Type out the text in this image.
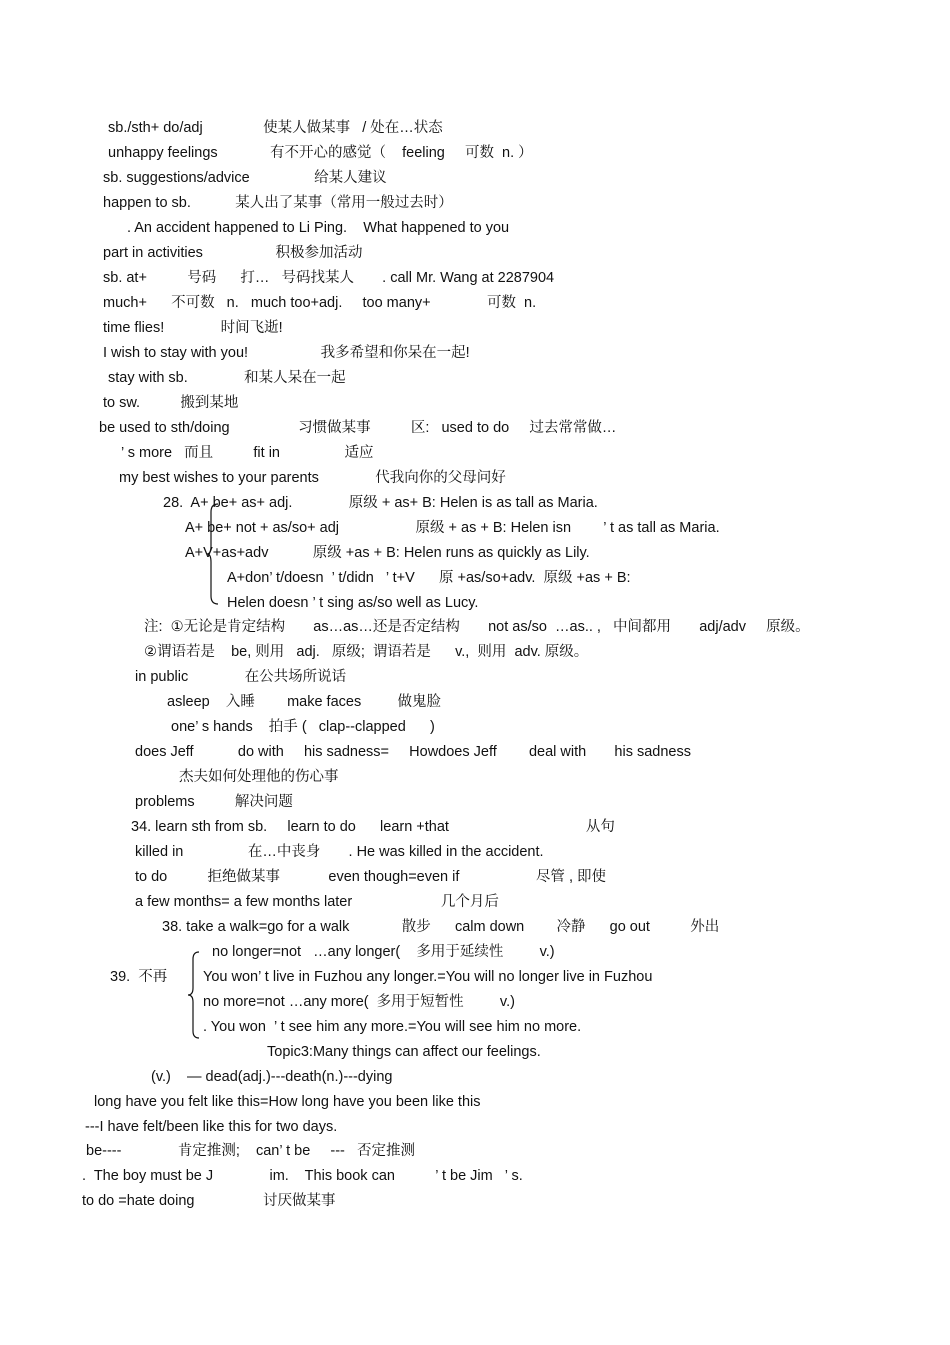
sb./sth+ do/adj               使某人做某事   / 处在…状态
unhappy feelings             有不开心的感觉（    feeling     可数  n. ）
sb. suggestions/advice                给某人建议
happen to sb.           某人出了某事（常用一般过去时）
. An accident happened to Li Ping.    What happened to you
part in activities                  积极参加活动
sb. at+          号码      打…   号码找某人       . call Mr. Wang at 2287904
much+      不可数   n.   much too+adj.     too many+              可数  n.
time flies!              时间飞逝!
I wish to stay with you!                  我多希望和你呆在一起!
stay with sb.              和某人呆在一起
to sw.          搬到某地
be used to sth/doing                 习惯做某事          区:   used to do     过去常常做…
’ s more   而且          fit in                适应
my best wishes to your parents              代我向你的父母问好
28.  A+ be+ as+ adj.              原级 + as+ B: Helen is as tall as Maria.
A+ be+ not + as/so+ adj                   原级 + as + B: Helen isn        ’ t as tall as Maria.
A+V+as+adv           原级 +as + B: Helen runs as quickly as Lily.
A+don’ t/doesn  ’ t/didn   ’ t+V      原 +as/so+adv.  原级 +as + B:
Helen doesn ’ t sing as/so well as Lucy.
注:  ①无论是肯定结构       as…as…还是否定结构       not as/so  …as.. ,   中间都用       adj/adv     原级。
②谓语若是    be, 则用   adj.   原级;  谓语若是      v.,  则用  adv. 原级。
in public              在公共场所说话
asleep    入睡        make faces         做鬼脸
one’ s hands    拍手 (   clap--clapped      )
does Jeff           do with     his sadness=     Howdoes Jeff        deal with       his sadness
杰夫如何处理他的伤心事
problems          解决问题
34. learn sth from sb.     learn to do      learn +that                                  从句
killed in                在…中丧身       . He was killed in the accident.
to do          拒绝做某事            even though=even if                   尽管 , 即使
a few months= a few months later                      几个月后
38. take a walk=go for a walk             散步      calm down        冷静      go out          外出
no longer=not   …any longer(    多用于延续性         v.)
39.  不再 You won’ t live in Fuzhou any longer.=You will no longer live in Fuzhou
no more=not …any more(  多用于短暂性         v.)
. You won  ’ t see him any more.=You will see him no more.
Topic3:Many things can affect our feelings.
(v.)    — dead(adj.)---death(n.)---dying
long have you felt like this=How long have you been like this
---I have felt/been like this for two days.
be----              肯定推测;    can’ t be     ---   否定推测
.  The boy must be J              im.    This book can          ’ t be Jim   ’ s.
to do =hate doing                 讨厌做某事
